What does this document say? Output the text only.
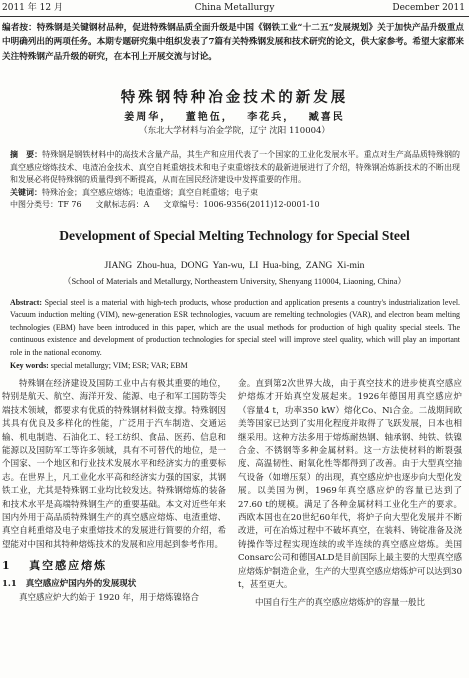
2011 年 12 月	China Metallurgy	December 2011
编者按：特殊钢是关键钢材品种，促进特殊钢品质全面升级是中国《钢铁工业“十二五”发展规划》关于加快产品升级重点中明确列出的两项任务。本期专题研究集中组织发表了7篇有关特殊钢发展和技术研究的论文，供大家参考。希望大家都来关注特殊钢产品升级的研究，在本刊上开展交流与讨论。
特殊钢特种冶金技术的新发展
姜周华， 董艳伍， 李花兵， 臧喜民
（东北大学材料与冶金学院，辽宁 沈阳 110004）
摘　要：特殊钢是钢铁材料中的高技术含量产品，其生产和应用代表了一个国家的工业化发展水平。重点对生产高品质特殊钢的真空感应熔炼技术、电渣冶金技术、真空自耗重熔技术和电子束重熔技术的最新进展进行了介绍，特殊钢冶炼新技术的不断出现和发展必将促特殊钢的质量得到不断提高，从而在国民经济建设中发挥重要的作用。
关键词：特殊冶金；真空感应熔炼；电渣重熔；真空自耗重熔；电子束
中图分类号：TF 76 文献标志码：A 文章编号：1006-9356(2011)12-0001-10
Development of Special Melting Technology for Special Steel
JIANG Zhou-hua, DONG Yan-wu, LI Hua-bing, ZANG Xi-min
（School of Materials and Metallurgy, Northeastern University, Shenyang 110004, Liaoning, China）
Abstract: Special steel is a material with high-tech products, whose production and application presents a country's industrialization level. Vacuum induction melting (VIM), new-generation ESR technologies, vacuum are remelting technologies (VAR), and electron beam melting technologies (EBM) have been introduced in this paper, which are the usual methods for production of high quality special steels. The continuous existence and development of production technologies for special steel will improve steel quality, which will play an important role in the national economy.
Key words: special metallurgy; VIM; ESR; VAR; EBM

特殊钢在经济建设及国防工业中占有极其重要的地位，特别是航天、航空、海洋开发、能源、电子和军工国防等尖端技术领域，都要求有优质的特殊钢材料做支撑。特殊钢因其具有优良及多样化的性能，广泛用于汽车制造、交通运输、机电制造、石油化工、轻工纺织、食品、医药、信息和能源以及国防军工等许多领域，具有不可替代的地位，是一个国家、一个地区和行业技术发展水平和经济实力的重要标志。在世界上，凡工业化水平高和经济实力强的国家，其钢铁工业，尤其是特殊钢工业均比较发达。特殊钢熔炼的装备和技术水平是高端特殊钢生产的重要基础。本文对近些年来国内外用于高品质特殊钢生产的真空感应熔炼、电渣重熔、真空自耗重熔及电子束重熔技术的发展进行简要的介绍，希望能对中国和其特种熔炼技术的发展和应用起到参考作用。

1 真空感应熔炼
1.1 真空感应炉国内外的发展现状

真空感应炉大约始于 1920 年，用于熔炼镍铬合

金。直到第2次世界大战，由于真空技术的进步使真空感应炉熔炼才开始真空发展起来。1926年德国用真空感应炉（容量4 t，功率350 kW）熔化Co、Ni合金。二战期间欧美等国家已达到了实用化程度并取得了飞跃发展，日本也相继采用。这种方法多用于熔炼耐热钢、轴承钢、纯铁、铁镍合金、不锈钢等多种金属材料。这一方法使材料的断裂强度、高温韧性、耐氧化性等都得到了改善。由于大型真空抽气设备（如增压泵）的出现，真空感应炉也逐步向大型化发展。以美国为例，1969年真空感应炉的容量已达到了27.60 t的规模。满足了各种金属材料工业化生产的要求。西欧本国也在20世纪60年代，将炉子向大型化发展并不断改进，可在冶炼过程中不破坏真空，在装料、铸锭准备及浇铸操作等过程实现连续的或半连续的真空感应熔炼。美国Consarc公司和德国ALD是目前国际上最主要的大型真空感应熔炼炉制造企业，生产的大型真空感应熔炼炉可以达到30 t，甚至更大。

中国自行生产的真空感应熔炼炉的容量一般比
